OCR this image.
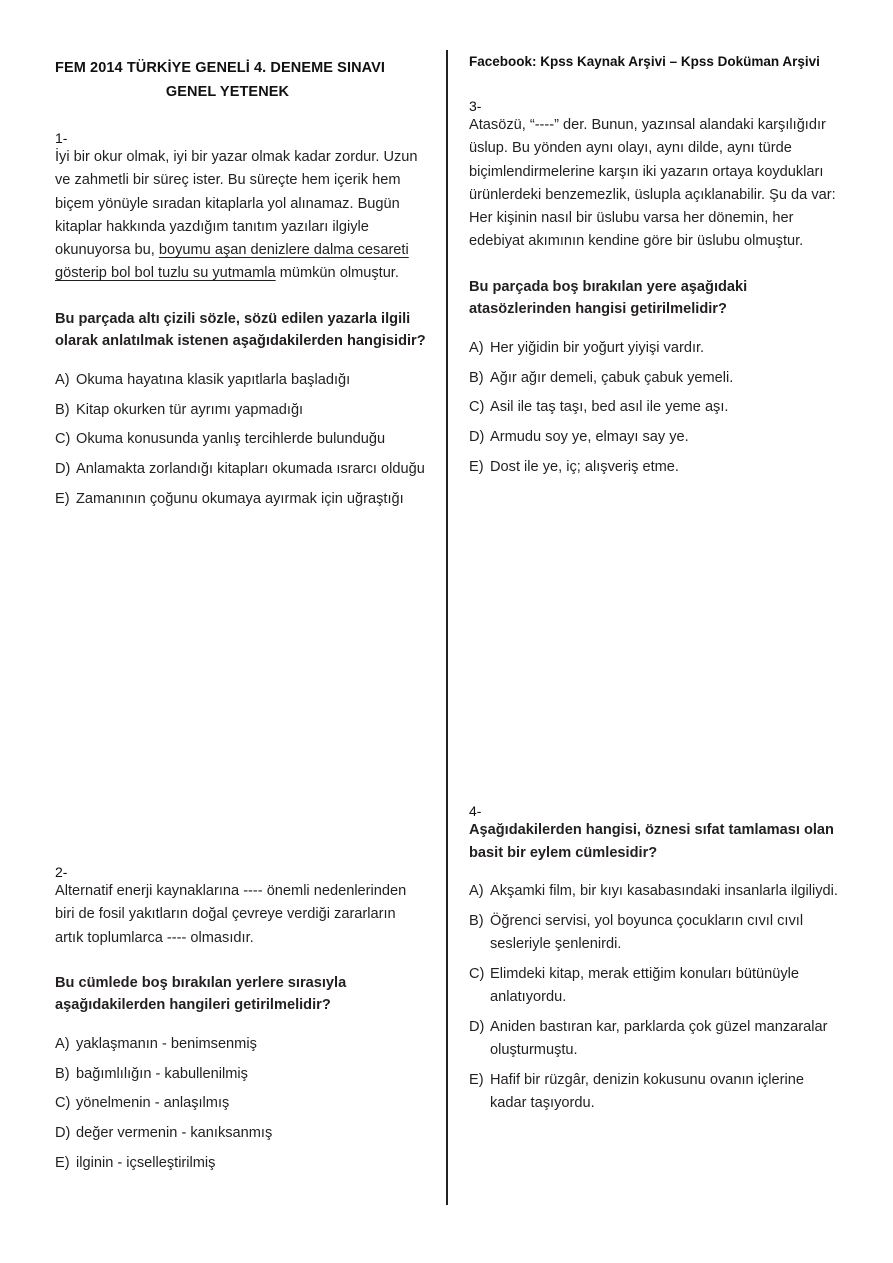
FEM 2014 TÜRKİYE GENELİ 4. DENEME SINAVI
GENEL YETENEK
Facebook: Kpss Kaynak Arşivi – Kpss Doküman Arşivi
1-

İyi bir okur olmak, iyi bir yazar olmak kadar zordur. Uzun ve zahmetli bir süreç ister. Bu süreçte hem içerik hem biçem yönüyle sıradan kitaplarla yol alınamaz. Bugün kitaplar hakkında yazdığım tanıtım yazıları ilgiyle okunuyorsa bu, boyumu aşan denizlere dalma cesareti gösterip bol bol tuzlu su yutmamla mümkün olmuştur.

Bu parçada altı çizili sözle, sözü edilen yazarla ilgili olarak anlatılmak istenen aşağıdakilerden hangisidir?

A) Okuma hayatına klasik yapıtlarla başladığı
B) Kitap okurken tür ayrımı yapmadığı
C) Okuma konusunda yanlış tercihlerde bulunduğu
D) Anlamakta zorlandığı kitapları okumada ısrarcı olduğu
E) Zamanının çoğunu okumaya ayırmak için uğraştığı
2-

Alternatif enerji kaynaklarına ---- önemli nedenlerinden biri de fosil yakıtların doğal çevreye verdiği zararların artık toplumlarca ---- olmasıdır.

Bu cümlede boş bırakılan yerlere sırasıyla aşağıdakilerden hangileri getirilmelidir?

A) yaklaşmanın - benimsenmiş
B) bağımlılığın - kabullenilmiş
C) yönelmenin - anlaşılmış
D) değer vermenin - kanıksanmış
E) ilginin - içselleştirilmiş
3-

Atasözü, “----” der. Bunun, yazınsal alandaki karşılığıdır üslup. Bu yönden aynı olayı, aynı dilde, aynı türde biçimlendirmelerine karşın iki yazarın ortaya koydukları ürünlerdeki benzemezlik, üslupla açıklanabilir. Şu da var: Her kişinin nasıl bir üslubu varsa her dönemin, her edebiyat akımının kendine göre bir üslubu olmuştur.

Bu parçada boş bırakılan yere aşağıdaki atasözlerinden hangisi getirilmelidir?

A) Her yiğidin bir yoğurt yiyişi vardır.
B) Ağır ağır demeli, çabuk çabuk yemeli.
C) Asil ile taş taşı, bed asıl ile yeme aşı.
D) Armudu soy ye, elmayı say ye.
E) Dost ile ye, iç; alışveriş etme.
4-

Aşağıdakilerden hangisi, öznesi sıfat tamlaması olan basit bir eylem cümlesidir?

A) Akşamki film, bir kıyı kasabasındaki insanlarla ilgiliydi.
B) Öğrenci servisi, yol boyunca çocukların cıvıl cıvıl sesleriyle şenlenirdi.
C) Elimdeki kitap, merak ettiğim konuları bütünüyle anlatıyordu.
D) Aniden bastıran kar, parklarda çok güzel manzaralar oluşturmuştu.
E) Hafif bir rüzgâr, denizin kokusunu ovanın içlerine kadar taşıyordu.
